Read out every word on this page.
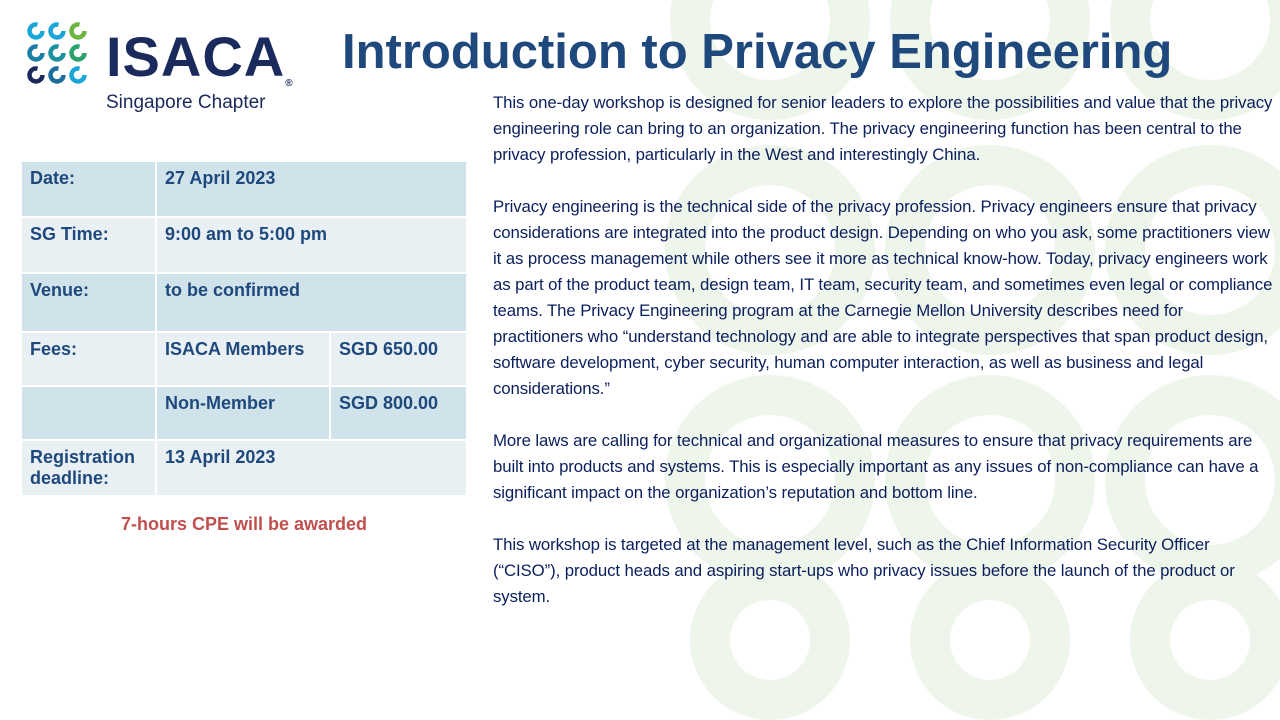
ISACA®
Singapore Chapter
Introduction to Privacy Engineering
Date:	27 April 2023	
SG Time:	9:00 am to 5:00 pm	
Venue:	to be confirmed	
Fees:	ISACA Members	SGD 650.00
	Non-Member	SGD 800.00
Registration deadline:	13 April 2023	
7-hours CPE will be awarded

This one-day workshop is designed for senior leaders to explore the possibilities and value that the privacy engineering role can bring to an organization. The privacy engineering function has been central to the privacy profession, particularly in the West and interestingly China.

Privacy engineering is the technical side of the privacy profession. Privacy engineers ensure that privacy considerations are integrated into the product design. Depending on who you ask, some practitioners view it as process management while others see it more as technical know-how. Today, privacy engineers work as part of the product team, design team, IT team, security team, and sometimes even legal or compliance teams. The Privacy Engineering program at the Carnegie Mellon University describes need for practitioners who “understand technology and are able to integrate perspectives that span product design, software development, cyber security, human computer interaction, as well as business and legal considerations.”

More laws are calling for technical and organizational measures to ensure that privacy requirements are built into products and systems. This is especially important as any issues of non-compliance can have a significant impact on the organization’s reputation and bottom line.

This workshop is targeted at the management level, such as the Chief Information Security Officer (“CISO”), product heads and aspiring start-ups who privacy issues before the launch of the product or system.
